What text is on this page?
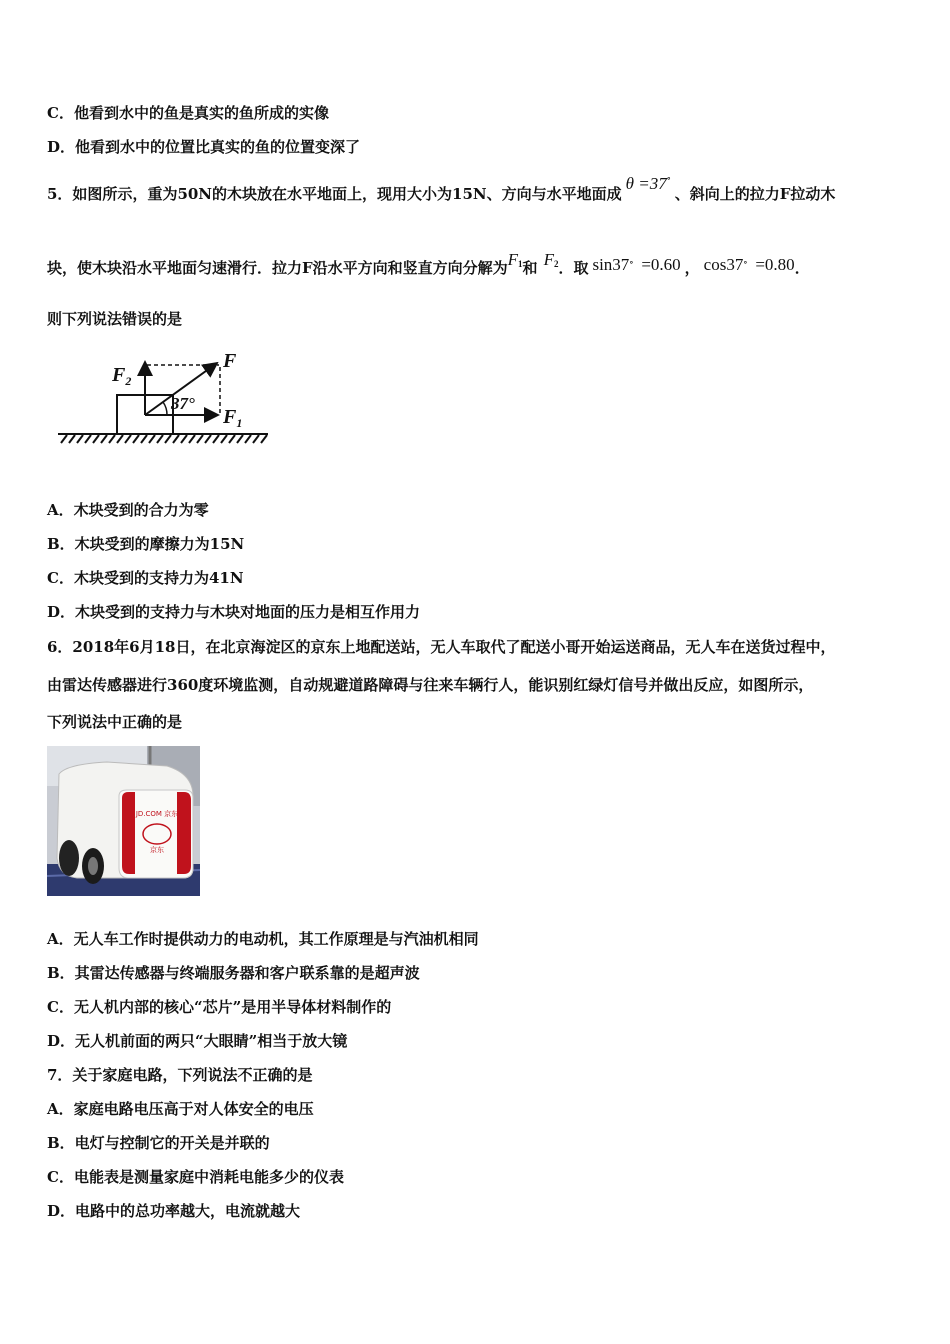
C．他看到水中的鱼是真实的鱼所成的实像
D．他看到水中的位置比真实的鱼的位置变深了
5．如图所示，重为50N的木块放在水平地面上，现用大小为15N、方向与水平地面成θ =37°、斜向上的拉力F拉动木
块，使木块沿水平地面匀速滑行．拉力F沿水平方向和竖直方向分解为$F^1$和 $F^2$．取 sin37° =0.60 ， cos37° =0.80．
则下列说法错误的是
$F_2$
F
$F_1$
37°
A．木块受到的合力为零
B．木块受到的摩擦力为15N
C．木块受到的支持力为41N
D．木块受到的支持力与木块对地面的压力是相互作用力
6．2018年6月18日，在北京海淀区的京东上地配送站，无人车取代了配送小哥开始运送商品，无人车在送货过程中，
由雷达传感器进行360度环境监测，自动规避道路障碍与往来车辆行人，能识别红绿灯信号并做出反应，如图所示，
下列说法中正确的是
JD.COM 京东
京东
A．无人车工作时提供动力的电动机，其工作原理是与汽油机相同
B．其雷达传感器与终端服务器和客户联系靠的是超声波
C．无人机内部的核心“芯片”是用半导体材料制作的
D．无人机前面的两只“大眼睛”相当于放大镜
7．关于家庭电路，下列说法不正确的是
A．家庭电路电压高于对人体安全的电压
B．电灯与控制它的开关是并联的
C．电能表是测量家庭中消耗电能多少的仪表
D．电路中的总功率越大，电流就越大
